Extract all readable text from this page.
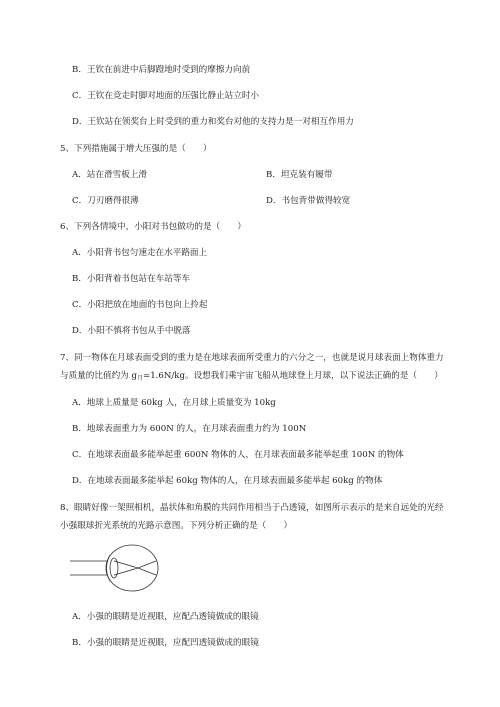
B．王钦在前进中后脚蹬地时受到的摩擦力向前
C．王钦在竞走时脚对地面的压强比静止站立时小
D．王钦站在领奖台上时受到的重力和奖台对他的支持力是一对相互作用力
5、下列措施属于增大压强的是（　　）
A．站在滑雪板上滑	B．坦克装有履带
C．刀刃磨得很薄	D．书包背带做得较宽
6、下列各情境中，小阳对书包做功的是（　　）
A．小阳背书包匀速走在水平路面上
B．小阳背着书包站在车站等车
C．小阳把放在地面的书包向上拎起
D．小阳不慎将书包从手中脱落
7、同一物体在月球表面受到的重力是在地球表面所受重力的六分之一，也就是说月球表面上物体重力
与质量的比值约为 $g_月=1.6N/kg$。设想我们乘宇宙飞船从地球登上月球，以下说法正确的是（　　）
A．地球上质量是 60kg 人，在月球上质量变为 10kg
B．地球表面重力为 600N 的人，在月球表面重力约为 100N
C．在地球表面最多能举起重 600N 物体的人，在月球表面最多能举起重 100N 的物体
D．在地球表面最多能举起 60kg 物体的人，在月球表面最多能举起 60kg 的物体
8、眼睛好像一架照相机，晶状体和角膜的共同作用相当于凸透镜，如图所示表示的是来自远处的光经
小强眼球折光系统的光路示意图。下列分析正确的是（　　）
A．小强的眼睛是近视眼，应配凸透镜做成的眼镜
B．小强的眼睛是近视眼，应配凹透镜做成的眼镜
